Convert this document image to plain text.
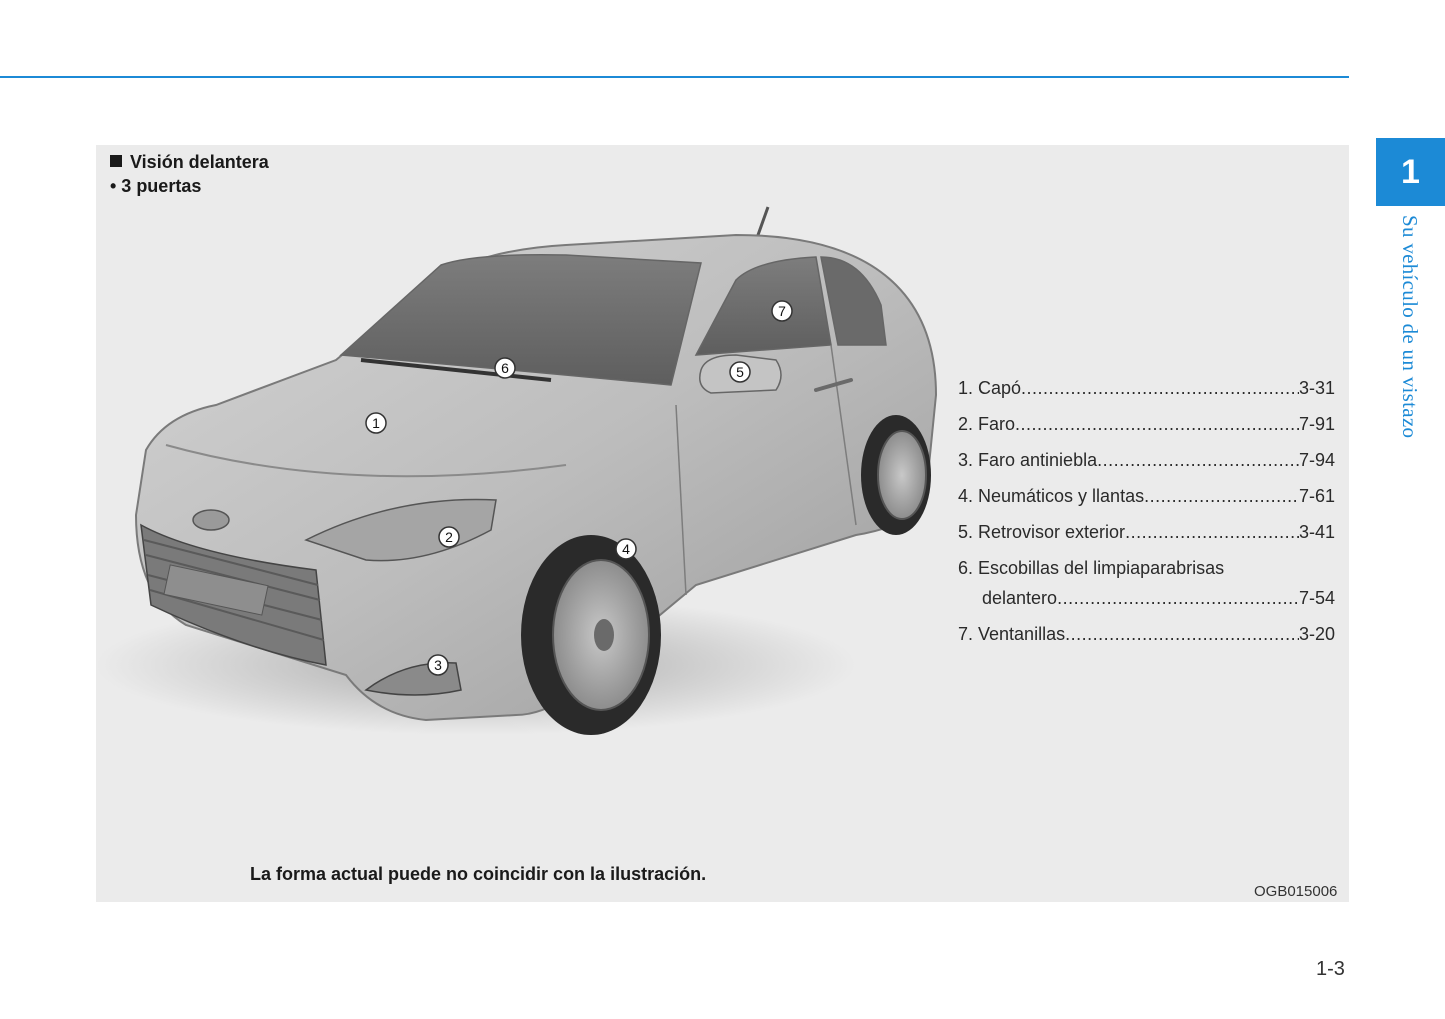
1
Su vehículo de un vistazo
Visión delantera
• 3 puertas
1
2
3
4
5
6
7
1. Capó .....	3-31
2. Faro .....	7-91
3. Faro antiniebla .....	7-94
4. Neumáticos y llantas .....	7-61
5. Retrovisor exterior .....	3-41
6. Escobillas del limpiaparabrisas
delantero .....	7-54
7. Ventanillas .....	3-20
La forma actual puede no coincidir con la ilustración.
OGB015006
1-3
